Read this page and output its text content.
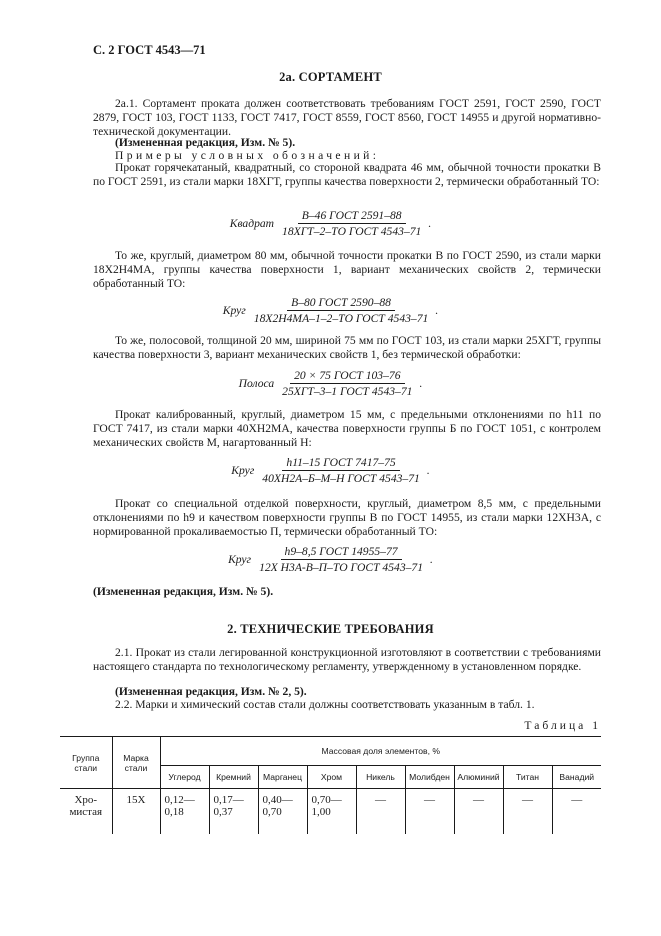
С. 2 ГОСТ 4543—71
2а. СОРТАМЕНТ

2а.1. Сортамент проката должен соответствовать требованиям ГОСТ 2591, ГОСТ 2590, ГОСТ 2879, ГОСТ 103, ГОСТ 1133, ГОСТ 7417, ГОСТ 8559, ГОСТ 8560, ГОСТ 14955 и другой нормативно-технической документации.

(Измененная редакция, Изм. № 5).

Примеры условных обозначений:

Прокат горячекатаный, квадратный, со стороной квадрата 46 мм, обычной точности прокатки В по ГОСТ 2591, из стали марки 18ХГТ, группы качества поверхности 2, термически обработанный ТО:

Квадрат $\frac{\text{В–46 ГОСТ 2591–88}}{\text{18ХГТ–2–ТО ГОСТ 4543–71}}$ .

То же, круглый, диаметром 80 мм, обычной точности прокатки В по ГОСТ 2590, из стали марки 18Х2Н4МА, группы качества поверхности 1, вариант механических свойств 2, термически обработанный ТО:

Круг $\frac{\text{В–80 ГОСТ 2590–88}}{\text{18Х2Н4МА–1–2–ТО ГОСТ 4543–71}}$ .

То же, полосовой, толщиной 20 мм, шириной 75 мм по ГОСТ 103, из стали марки 25ХГТ, группы качества поверхности 3, вариант механических свойств 1, без термической обработки:

Полоса $\frac{\text{20 × 75 ГОСТ 103–76}}{\text{25ХГТ–3–1 ГОСТ 4543–71}}$ .

Прокат калиброванный, круглый, диаметром 15 мм, с предельными отклонениями по h11 по ГОСТ 7417, из стали марки 40ХН2МА, качества поверхности группы Б по ГОСТ 1051, с контролем механических свойств М, нагартованный Н:

Круг $\frac{\text{h11–15 ГОСТ 7417–75}}{\text{40ХН2А–Б–М–Н ГОСТ 4543–71}}$ .

Прокат со специальной отделкой поверхности, круглый, диаметром 8,5 мм, с предельными отклонениями по h9 и качеством поверхности группы В по ГОСТ 14955, из стали марки 12ХН3А, с нормированной прокаливаемостью П, термически обработанный ТО:

Круг $\frac{\text{h9–8,5 ГОСТ 14955–77}}{\text{12Х Н3А-В–П–ТО ГОСТ 4543–71}}$ .

(Измененная редакция, Изм. № 5).

2. ТЕХНИЧЕСКИЕ ТРЕБОВАНИЯ

2.1. Прокат из стали легированной конструкционной изготовляют в соответствии с требованиями настоящего стандарта по технологическому регламенту, утвержденному в установленном порядке.

(Измененная редакция, Изм. № 2, 5).

2.2. Марки и химический состав стали должны соответствовать указанным в табл. 1.

Таблица 1
Группа стали	Марка стали	Массовая доля элементов, %								
		Углерод	Кремний	Марганец	Хром	Никель	Молибден	Алюминий	Титан	Ванадий
Хро-мистая	15Х	0,12—0,18	0,17—0,37	0,40—0,70	0,70—1,00	—	—	—	—	—
